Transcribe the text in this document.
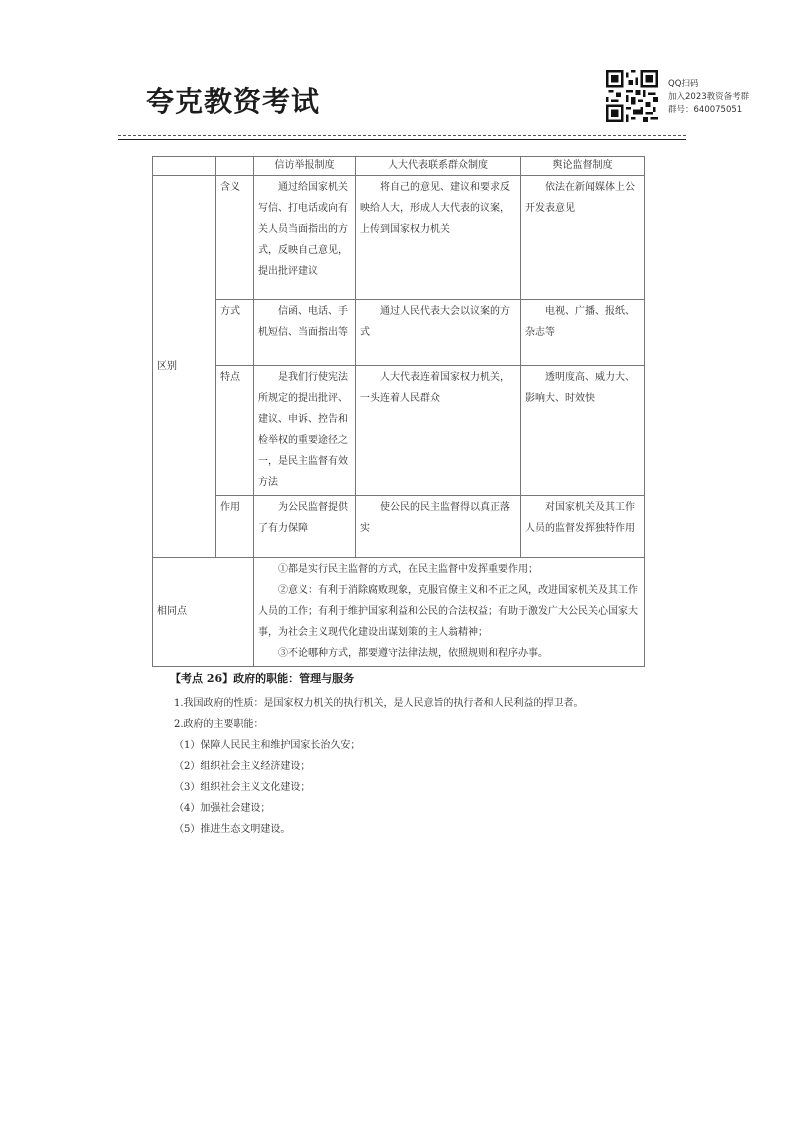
夸克教资考试
QQ扫码
加入2023教资备考群
群号：640075051
		信访举报制度	人大代表联系群众制度	舆论监督制度
区别	含义	通过给国家机关写信、打电话或向有关人员当面指出的方式，反映自己意见，提出批评建议	将自己的意见、建议和要求反映给人大，形成人大代表的议案，上传到国家权力机关	依法在新闻媒体上公开发表意见
	方式	信函、电话、手机短信、当面指出等	通过人民代表大会以议案的方式	电视、广播、报纸、杂志等
	特点	是我们行使宪法所规定的提出批评、建议、申诉、控告和检举权的重要途径之一，是民主监督有效方法	人大代表连着国家权力机关，一头连着人民群众	透明度高、威力大、影响大、时效快
	作用	为公民监督提供了有力保障	使公民的民主监督得以真正落实	对国家机关及其工作人员的监督发挥独特作用
相同点		①都是实行民主监督的方式，在民主监督中发挥重要作用；
②意义：有利于消除腐败现象，克服官僚主义和不正之风，改进国家机关及其工作人员的工作；有利于维护国家利益和公民的合法权益；有助于激发广大公民关心国家大事，为社会主义现代化建设出谋划策的主人翁精神；
③不论哪种方式，都要遵守法律法规，依照规则和程序办事。		
【考点 26】政府的职能：管理与服务
1.我国政府的性质：是国家权力机关的执行机关，是人民意旨的执行者和人民利益的捍卫者。
2.政府的主要职能：
（1）保障人民民主和维护国家长治久安；
（2）组织社会主义经济建设；
（3）组织社会主义文化建设；
（4）加强社会建设；
（5）推进生态文明建设。
